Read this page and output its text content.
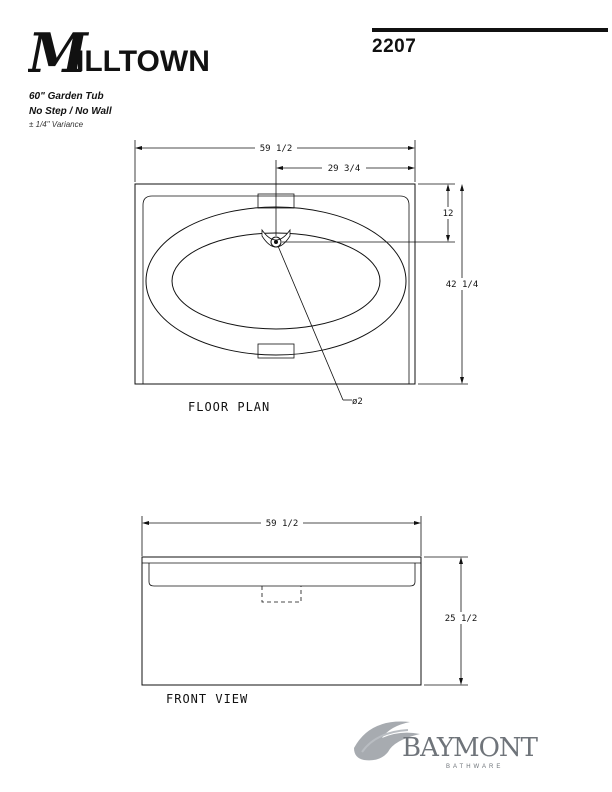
M
ILLTOWN	2207
60" Garden Tub
No Step / No Wall
± 1/4" Variance
59 1/2
29 3/4
12
42 1/4
ø2
FLOOR PLAN
59 1/2
25 1/2
FRONT VIEW
BAYMONT
BATHWARE
